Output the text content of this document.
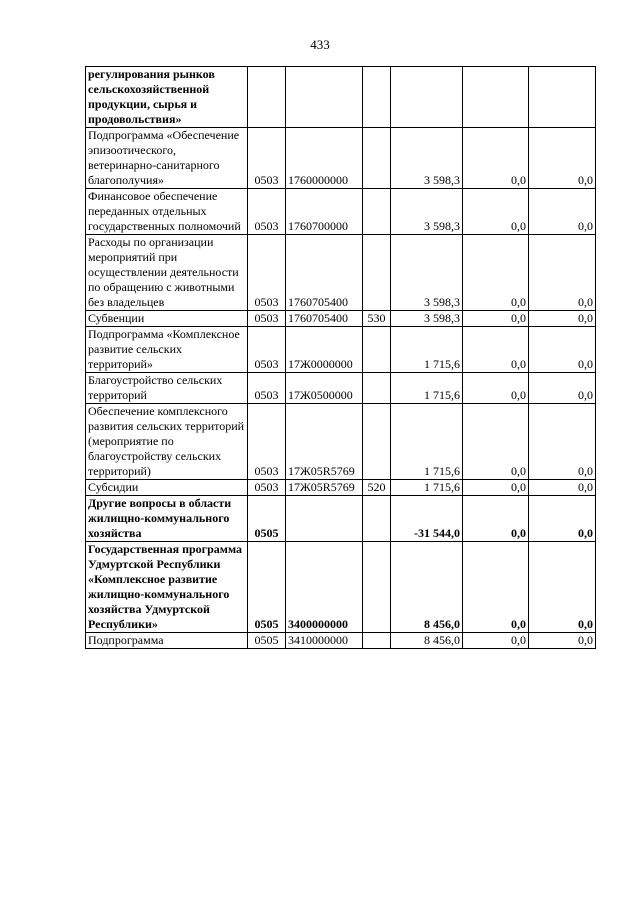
433
регулирования рынков сельскохозяйственной продукции, сырья и продовольствия»						
Подпрограмма «Обеспечение эпизоотического, ветеринарно-санитарного благополучия»	0503	1760000000		3 598,3	0,0	0,0
Финансовое обеспечение переданных отдельных государственных полномочий	0503	1760700000		3 598,3	0,0	0,0
Расходы по организации мероприятий при осуществлении деятельности по обращению с животными без владельцев	0503	1760705400		3 598,3	0,0	0,0
Субвенции	0503	1760705400	530	3 598,3	0,0	0,0
Подпрограмма «Комплексное развитие сельских территорий»	0503	17Ж0000000		1 715,6	0,0	0,0
Благоустройство сельских территорий	0503	17Ж0500000		1 715,6	0,0	0,0
Обеспечение комплексного развития сельских территорий (мероприятие по благоустройству сельских территорий)	0503	17Ж05R5769		1 715,6	0,0	0,0
Субсидии	0503	17Ж05R5769	520	1 715,6	0,0	0,0
Другие вопросы в области жилищно-коммунального хозяйства	0505			-31 544,0	0,0	0,0
Государственная программа Удмуртской Республики «Комплексное развитие жилищно-коммунального хозяйства Удмуртской Республики»	0505	3400000000		8 456,0	0,0	0,0
Подпрограмма	0505	3410000000		8 456,0	0,0	0,0
